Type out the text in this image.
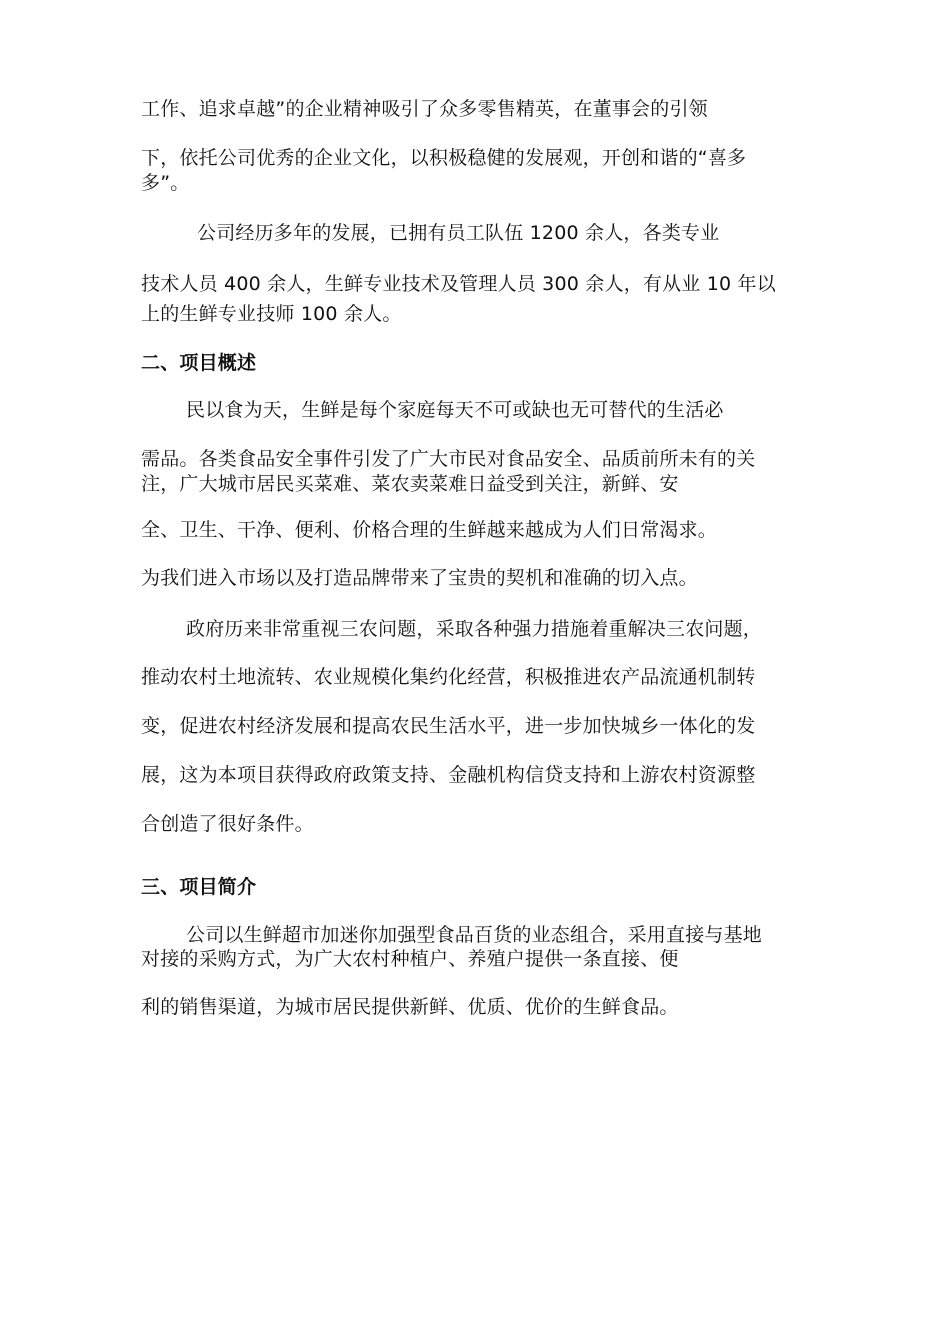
工作、追求卓越”的企业精神吸引了众多零售精英，在董事会的引领
下，依托公司优秀的企业文化，以积极稳健的发展观，开创和谐的“喜多
多”。
公司经历多年的发展，已拥有员工队伍 1200 余人，各类专业
技术人员 400 余人，生鲜专业技术及管理人员 300 余人，有从业 10 年以
上的生鲜专业技师 100 余人。
二、项目概述
民以食为天，生鲜是每个家庭每天不可或缺也无可替代的生活必
需品。各类食品安全事件引发了广大市民对食品安全、品质前所未有的关
注，广大城市居民买菜难、菜农卖菜难日益受到关注，新鲜、安
全、卫生、干净、便利、价格合理的生鲜越来越成为人们日常渴求。
为我们进入市场以及打造品牌带来了宝贵的契机和准确的切入点。
政府历来非常重视三农问题，采取各种强力措施着重解决三农问题，
推动农村土地流转、农业规模化集约化经营，积极推进农产品流通机制转
变，促进农村经济发展和提高农民生活水平，进一步加快城乡一体化的发
展，这为本项目获得政府政策支持、金融机构信贷支持和上游农村资源整
合创造了很好条件。
三、项目简介
公司以生鲜超市加迷你加强型食品百货的业态组合，采用直接与基地
对接的采购方式，为广大农村种植户、养殖户提供一条直接、便
利的销售渠道，为城市居民提供新鲜、优质、优价的生鲜食品。
